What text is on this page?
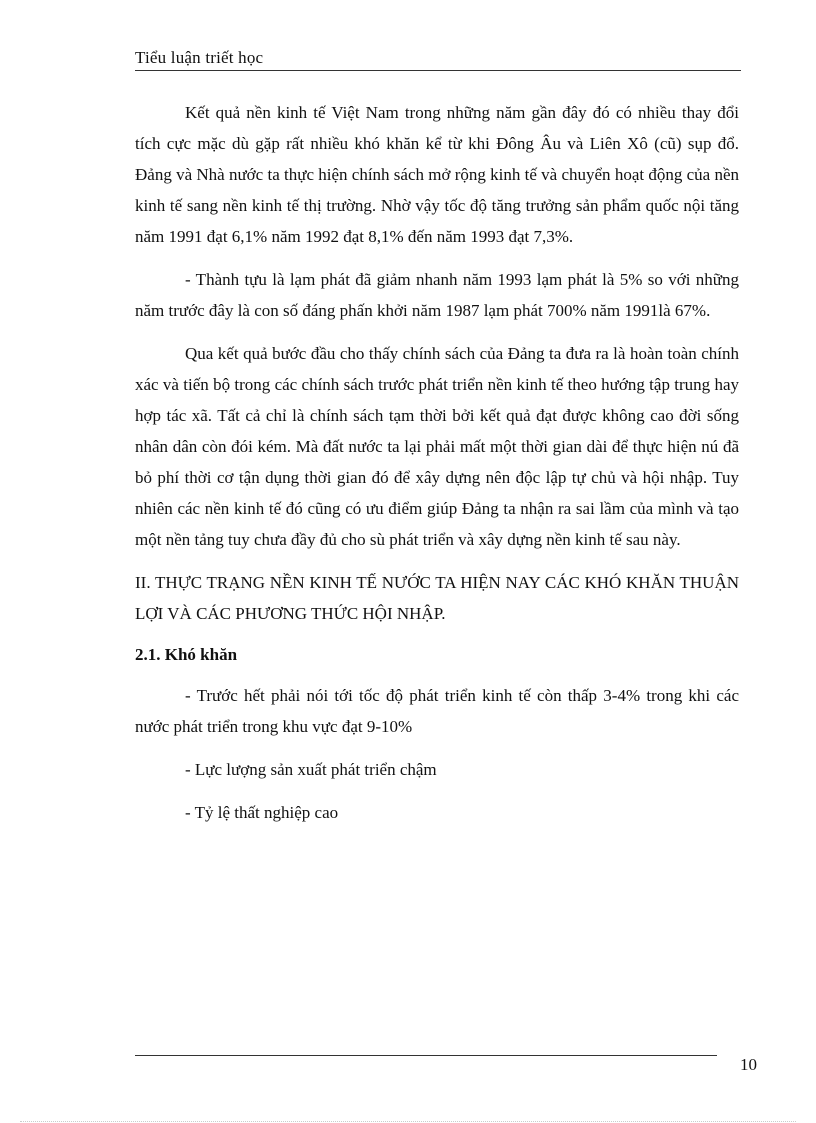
Tiểu luận triết học

Kết quả nền kinh tế Việt Nam trong những năm gần đây đó có nhiều thay đổi tích cực mặc dù gặp rất nhiều khó khăn kể từ khi Đông Âu và Liên Xô (cũ) sụp đổ. Đảng và Nhà nước ta thực hiện chính sách mở rộng kinh tế và chuyển hoạt động của nền kinh tế sang nền kinh tế thị trường. Nhờ vậy tốc độ tăng trưởng sản phẩm quốc nội tăng năm 1991 đạt 6,1% năm 1992 đạt 8,1% đến năm 1993 đạt 7,3%.

- Thành tựu là lạm phát đã giảm nhanh năm 1993 lạm phát là 5% so với những năm trước đây là con số đáng phấn khởi năm 1987 lạm phát 700% năm 1991là 67%.

Qua kết quả bước đầu cho thấy chính sách của Đảng ta đưa ra là hoàn toàn chính xác và tiến bộ trong các chính sách trước phát triển nền kinh tế theo hướng tập trung hay hợp tác xã. Tất cả chỉ là chính sách tạm thời bởi kết quả đạt được không cao đời sống nhân dân còn đói kém. Mà đất nước ta lại phải mất một thời gian dài để thực hiện nú đã bỏ phí thời cơ tận dụng thời gian đó để xây dựng nên độc lập tự chủ và hội nhập. Tuy nhiên các nền kinh tế đó cũng có ưu điểm giúp Đảng ta nhận ra sai lầm của mình và tạo một nền tảng tuy chưa đầy đủ cho sù phát triển và xây dựng nền kinh tế sau này.

II. THỰC TRẠNG NỀN KINH TẾ NƯỚC TA HIỆN NAY CÁC KHÓ KHĂN THUẬN LỢI VÀ CÁC PHƯƠNG THỨC HỘI NHẬP.

2.1. Khó khăn

- Trước hết phải nói tới tốc độ phát triển kinh tế còn thấp 3-4% trong khi các nước phát triển trong khu vực đạt 9-10%

- Lực lượng sản xuất phát triển chậm

- Tỷ lệ thất nghiệp cao

10
